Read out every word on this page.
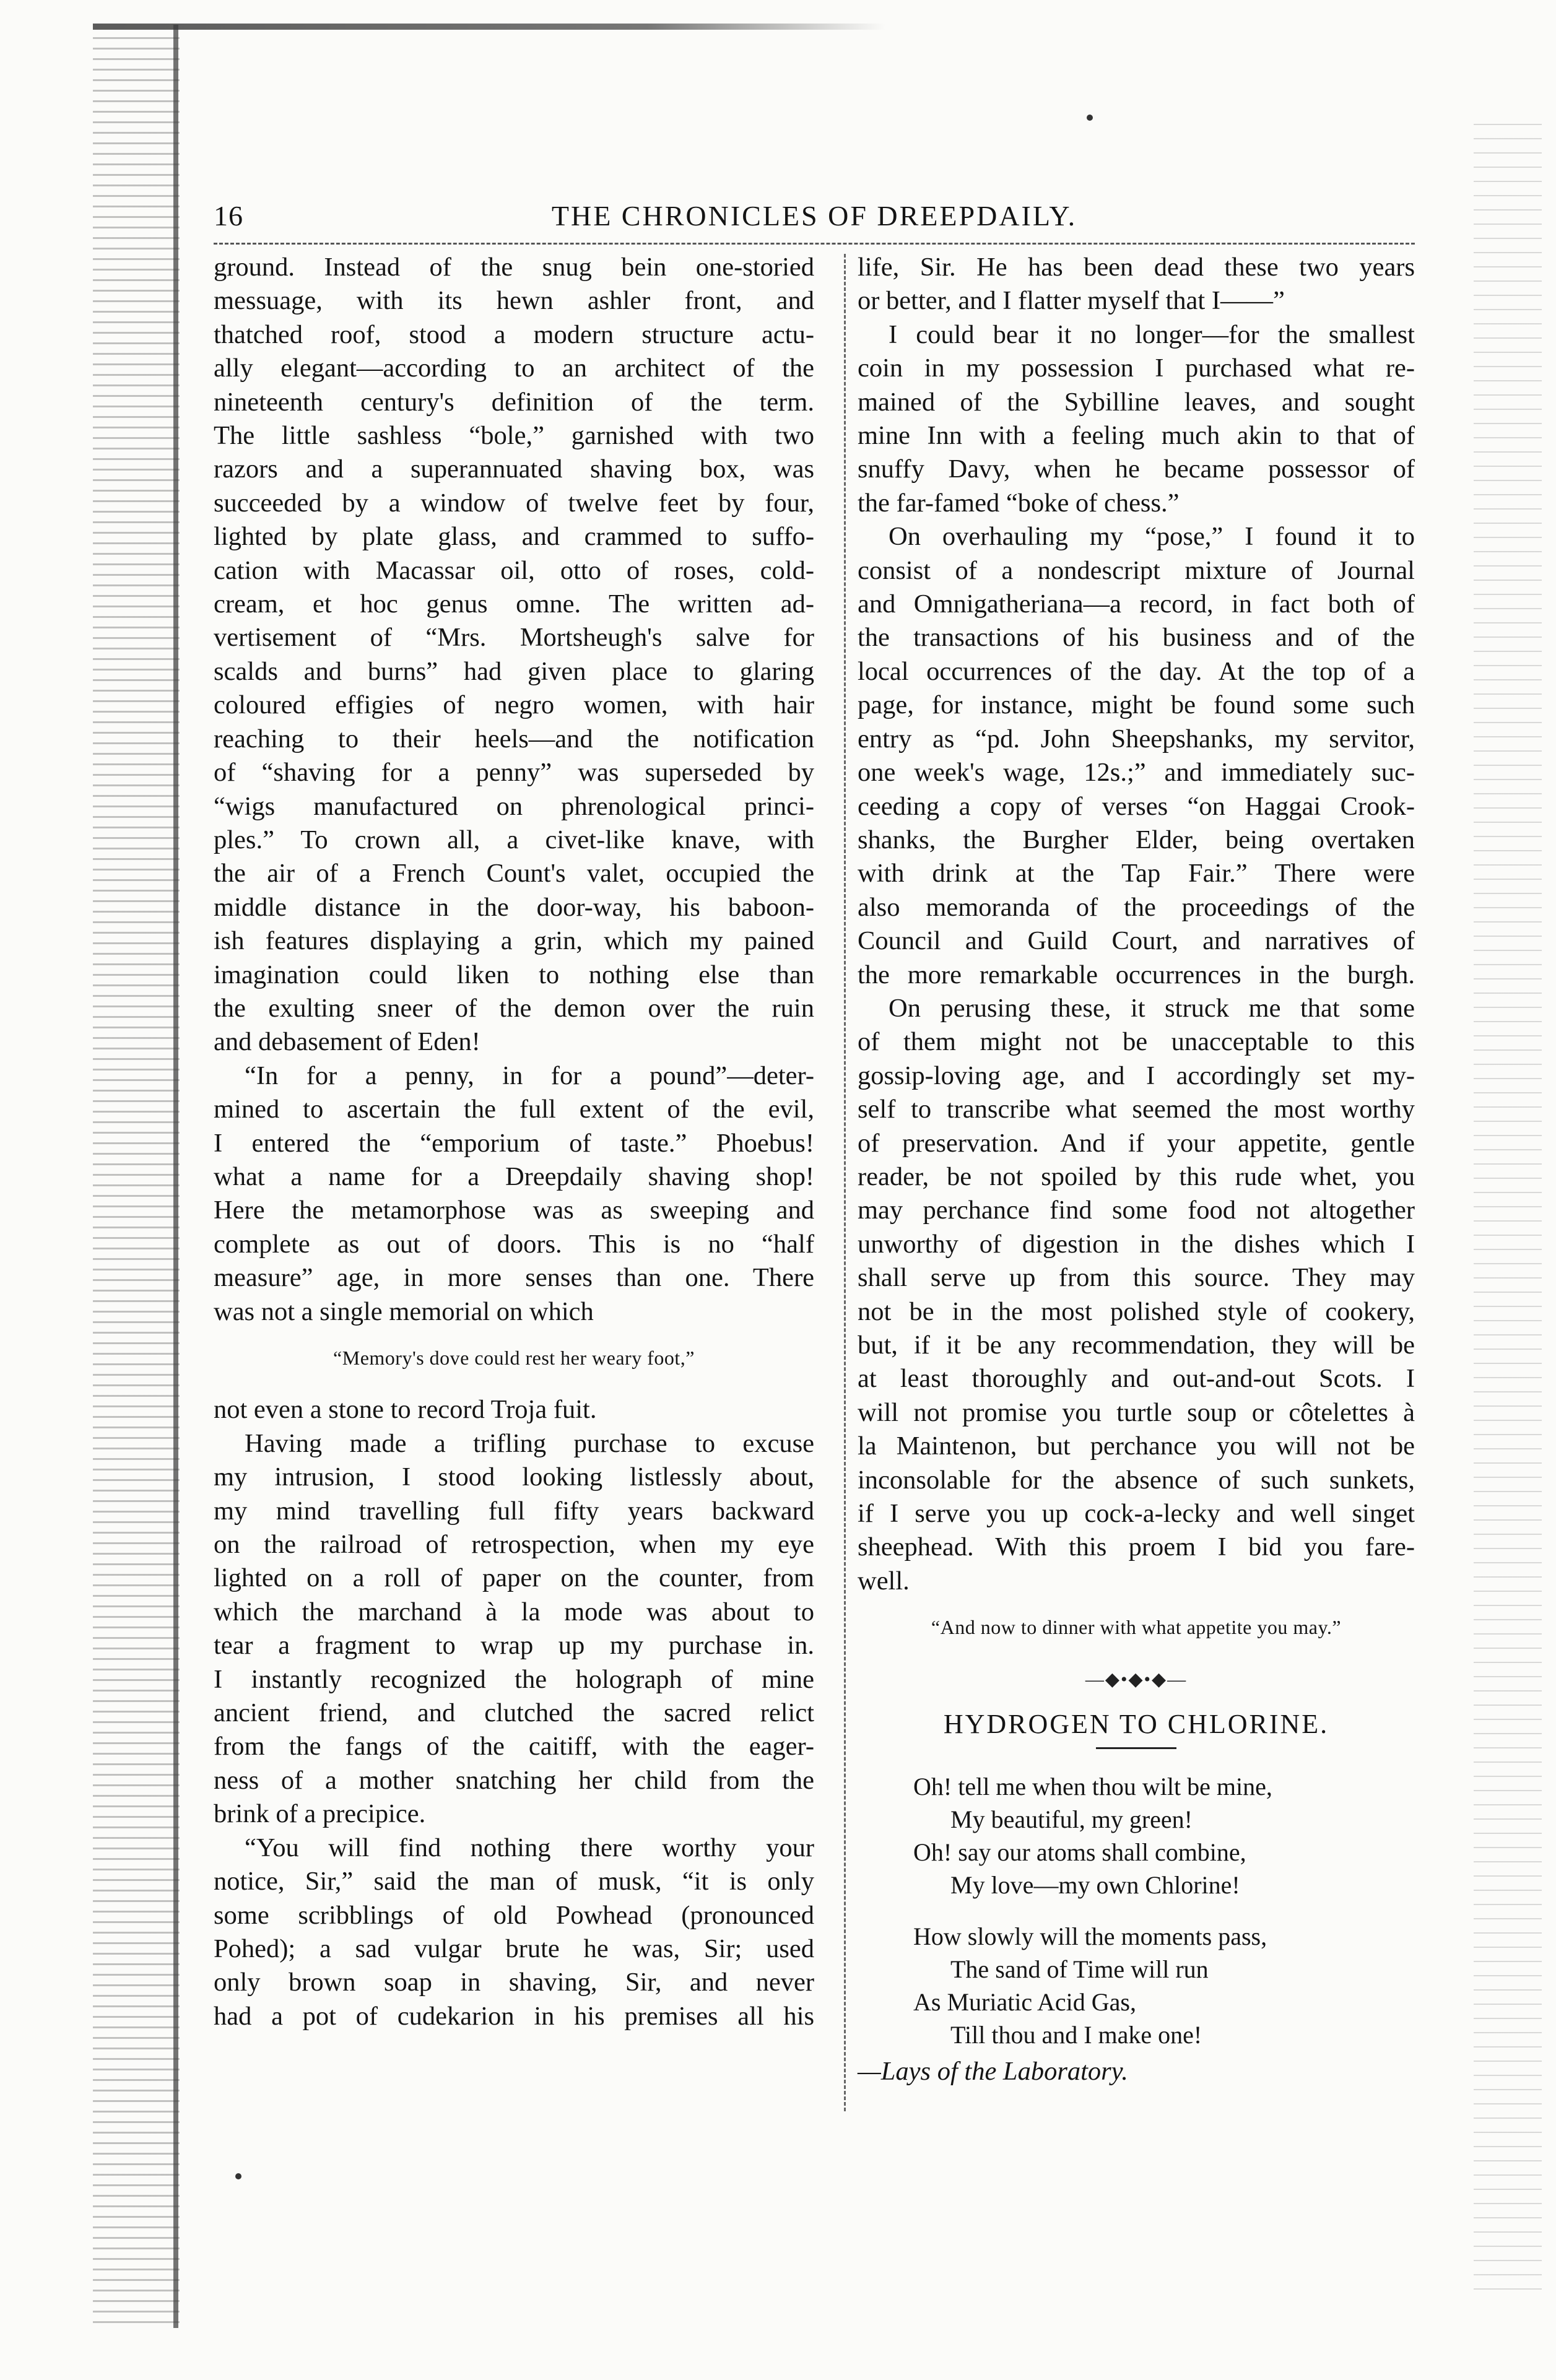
16	THE CHRONICLES OF DREEPDAILY.
ground. Instead of the snug bein one-storied
messuage, with its hewn ashler front, and
thatched roof, stood a modern structure actu-
ally elegant—according to an architect of the
nineteenth century's definition of the term.
The little sashless “bole,” garnished with two
razors and a superannuated shaving box, was
succeeded by a window of twelve feet by four,
lighted by plate glass, and crammed to suffo-
cation with Macassar oil, otto of roses, cold-
cream, et hoc genus omne. The written ad-
vertisement of “Mrs. Mortsheugh's salve for
scalds and burns” had given place to glaring
coloured effigies of negro women, with hair
reaching to their heels—and the notification
of “shaving for a penny” was superseded by
“wigs manufactured on phrenological princi-
ples.” To crown all, a civet-like knave, with
the air of a French Count's valet, occupied the
middle distance in the door-way, his baboon-
ish features displaying a grin, which my pained
imagination could liken to nothing else than
the exulting sneer of the demon over the ruin
and debasement of Eden!
“In for a penny, in for a pound”—deter-
mined to ascertain the full extent of the evil,
I entered the “emporium of taste.” Phoebus!
what a name for a Dreepdaily shaving shop!
Here the metamorphose was as sweeping and
complete as out of doors. This is no “half
measure” age, in more senses than one. There
was not a single memorial on which
“Memory's dove could rest her weary foot,”
not even a stone to record Troja fuit.
Having made a trifling purchase to excuse
my intrusion, I stood looking listlessly about,
my mind travelling full fifty years backward
on the railroad of retrospection, when my eye
lighted on a roll of paper on the counter, from
which the marchand à la mode was about to
tear a fragment to wrap up my purchase in.
I instantly recognized the holograph of mine
ancient friend, and clutched the sacred relict
from the fangs of the caitiff, with the eager-
ness of a mother snatching her child from the
brink of a precipice.
“You will find nothing there worthy your
notice, Sir,” said the man of musk, “it is only
some scribblings of old Powhead (pronounced
Pohed); a sad vulgar brute he was, Sir; used
only brown soap in shaving, Sir, and never
had a pot of cudekarion in his premises all his
life, Sir. He has been dead these two years
or better, and I flatter myself that I——”
I could bear it no longer—for the smallest
coin in my possession I purchased what re-
mained of the Sybilline leaves, and sought
mine Inn with a feeling much akin to that of
snuffy Davy, when he became possessor of
the far-famed “boke of chess.”
On overhauling my “pose,” I found it to
consist of a nondescript mixture of Journal
and Omnigatheriana—a record, in fact both of
the transactions of his business and of the
local occurrences of the day. At the top of a
page, for instance, might be found some such
entry as “pd. John Sheepshanks, my servitor,
one week's wage, 12s.;” and immediately suc-
ceeding a copy of verses “on Haggai Crook-
shanks, the Burgher Elder, being overtaken
with drink at the Tap Fair.” There were
also memoranda of the proceedings of the
Council and Guild Court, and narratives of
the more remarkable occurrences in the burgh.
On perusing these, it struck me that some
of them might not be unacceptable to this
gossip-loving age, and I accordingly set my-
self to transcribe what seemed the most worthy
of preservation. And if your appetite, gentle
reader, be not spoiled by this rude whet, you
may perchance find some food not altogether
unworthy of digestion in the dishes which I
shall serve up from this source. They may
not be in the most polished style of cookery,
but, if it be any recommendation, they will be
at least thoroughly and out-and-out Scots. I
will not promise you turtle soup or côtelettes à
la Maintenon, but perchance you will not be
inconsolable for the absence of such sunkets,
if I serve you up cock-a-lecky and well singet
sheephead. With this proem I bid you fare-
well.
“And now to dinner with what appetite you may.”
—◆•◆•◆—
HYDROGEN TO CHLORINE.
Oh! tell me when thou wilt be mine,
My beautiful, my green!
Oh! say our atoms shall combine,
My love—my own Chlorine!
How slowly will the moments pass,
The sand of Time will run
As Muriatic Acid Gas,
Till thou and I make one!
—Lays of the Laboratory.
